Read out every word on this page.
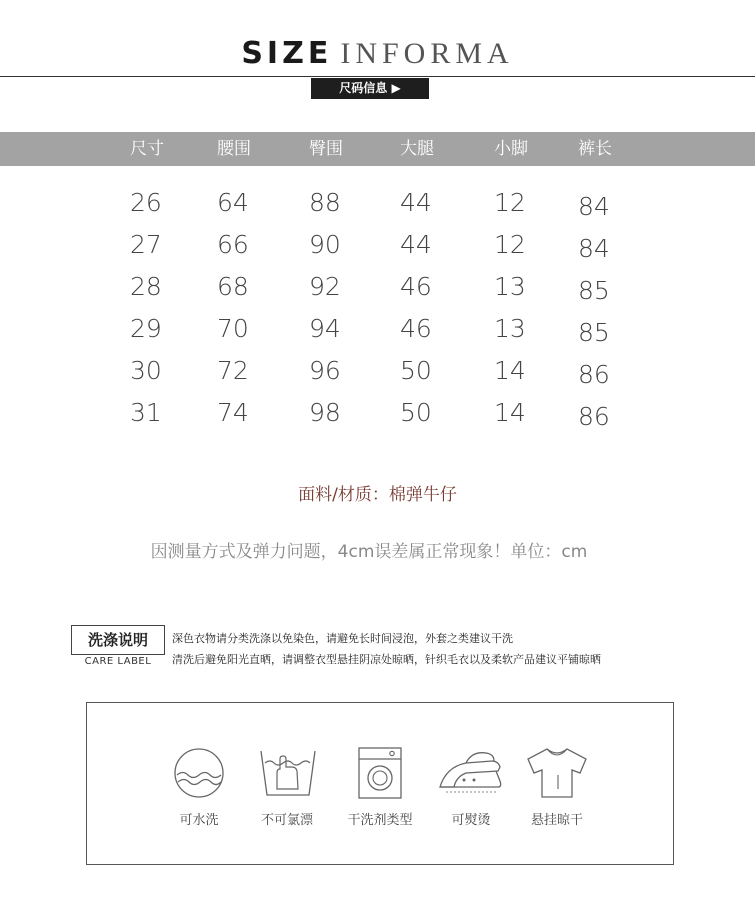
SIZE INFORMA
尺码信息 ▶
尺寸	腰围	臀围	大腿	小脚	裤长
26 64 88 44 12 84
27 66 90 44 12 84
28 68 92 46 13 85
29 70 94 46 13 85
30 72 96 50 14 86
31 74 98 50 14 86
面料/材质：棉弹牛仔
因测量方式及弹力问题，4cm误差属正常现象！单位：cm
洗涤说明
CARE LABEL
深色衣物请分类洗涤以免染色，请避免长时间浸泡，外套之类建议干洗
清洗后避免阳光直晒，请调整衣型悬挂阴凉处晾晒，针织毛衣以及柔软产品建议平铺晾晒
可水洗	不可氯漂	干洗剂类型	可熨烫	悬挂晾干
